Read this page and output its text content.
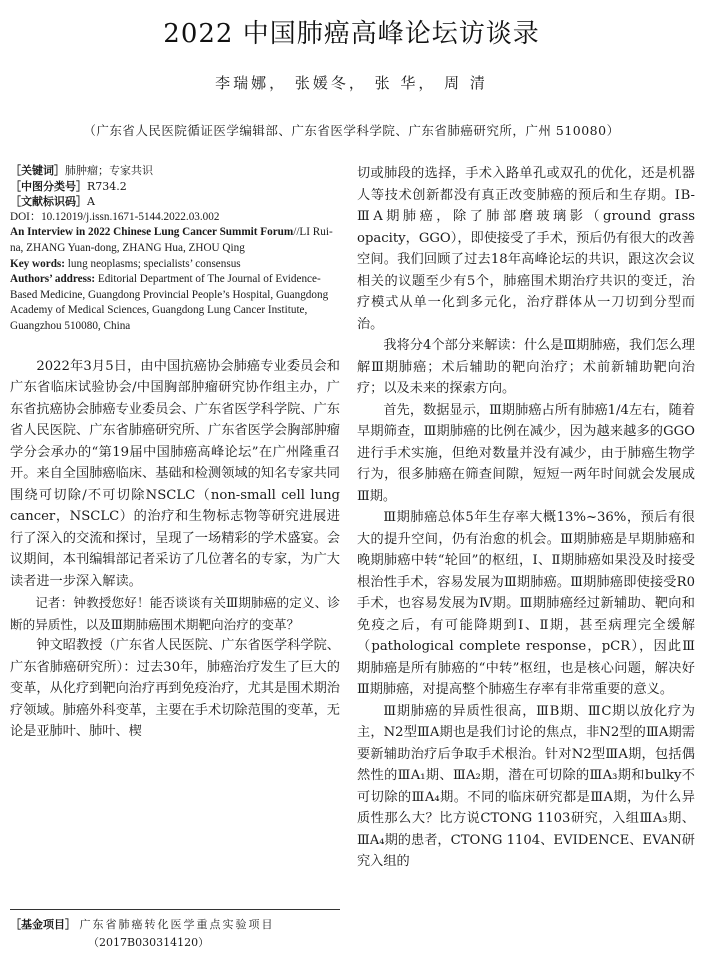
2022 中国肺癌高峰论坛访谈录
李瑞娜， 张媛冬， 张 华， 周 清
（广东省人民医院循证医学编辑部、广东省医学科学院、广东省肺癌研究所，广州 510080）
［关键词］肺肿瘤；专家共识
［中图分类号］R734.2
［文献标识码］A
DOI：10.12019/j.issn.1671-5144.2022.03.002
An Interview in 2022 Chinese Lung Cancer Summit Forum//LI Rui-na, ZHANG Yuan-dong, ZHANG Hua, ZHOU Qing
Key words: lung neoplasms; specialists’ consensus
Authors’ address: Editorial Department of The Journal of Evidence-Based Medicine, Guangdong Provincial People’s Hospital, Guangdong Academy of Medical Sciences, Guangdong Lung Cancer Institute, Guangzhou 510080, China

2022年3月5日，由中国抗癌协会肺癌专业委员会和广东省临床试验协会/中国胸部肿瘤研究协作组主办，广东省抗癌协会肺癌专业委员会、广东省医学科学院、广东省人民医院、广东省肺癌研究所、广东省医学会胸部肿瘤学分会承办的“第19届中国肺癌高峰论坛”在广州隆重召开。来自全国肺癌临床、基础和检测领域的知名专家共同围绕可切除/不可切除NSCLC（non-small cell lung cancer，NSCLC）的治疗和生物标志物等研究进展进行了深入的交流和探讨，呈现了一场精彩的学术盛宴。会议期间，本刊编辑部记者采访了几位著名的专家，为广大读者进一步深入解读。

记者：钟教授您好！能否谈谈有关Ⅲ期肺癌的定义、诊断的异质性，以及Ⅲ期肺癌围术期靶向治疗的变革？

钟文昭教授（广东省人民医院、广东省医学科学院、广东省肺癌研究所）：过去30年，肺癌治疗发生了巨大的变革，从化疗到靶向治疗再到免疫治疗，尤其是围术期治疗领域。肺癌外科变革，主要在手术切除范围的变革，无论是亚肺叶、肺叶、楔

切或肺段的选择，手术入路单孔或双孔的优化，还是机器人等技术创新都没有真正改变肺癌的预后和生存期。ⅠB-ⅢA期肺癌，除了肺部磨玻璃影（ground grass opacity，GGO），即使接受了手术，预后仍有很大的改善空间。我们回顾了过去18年高峰论坛的共识，跟这次会议相关的议题至少有5个，肺癌围术期治疗共识的变迁，治疗模式从单一化到多元化，治疗群体从一刀切到分型而治。

我将分4个部分来解读：什么是Ⅲ期肺癌，我们怎么理解Ⅲ期肺癌；术后辅助的靶向治疗；术前新辅助靶向治疗；以及未来的探索方向。

首先，数据显示，Ⅲ期肺癌占所有肺癌1/4左右，随着早期筛查，Ⅲ期肺癌的比例在减少，因为越来越多的GGO进行手术实施，但绝对数量并没有减少，由于肺癌生物学行为，很多肺癌在筛查间隙，短短一两年时间就会发展成Ⅲ期。

Ⅲ期肺癌总体5年生存率大概13%~36%，预后有很大的提升空间，仍有治愈的机会。Ⅲ期肺癌是早期肺癌和晚期肺癌中转“轮回”的枢纽，Ⅰ、Ⅱ期肺癌如果没及时接受根治性手术，容易发展为Ⅲ期肺癌。Ⅲ期肺癌即使接受R0手术，也容易发展为Ⅳ期。Ⅲ期肺癌经过新辅助、靶向和免疫之后，有可能降期到Ⅰ、Ⅱ期，甚至病理完全缓解（pathological complete response，pCR），因此Ⅲ期肺癌是所有肺癌的“中转”枢纽，也是核心问题，解决好Ⅲ期肺癌，对提高整个肺癌生存率有非常重要的意义。

Ⅲ期肺癌的异质性很高，ⅢB期、ⅢC期以放化疗为主，N2型ⅢA期也是我们讨论的焦点，非N2型的ⅢA期需要新辅助治疗后争取手术根治。针对N2型ⅢA期，包括偶然性的ⅢA₁期、ⅢA₂期，潜在可切除的ⅢA₃期和bulky不可切除的ⅢA₄期。不同的临床研究都是ⅢA期，为什么异质性那么大？比方说CTONG 1103研究，入组ⅢA₃期、ⅢA₄期的患者，CTONG 1104、EVIDENCE、EVAN研究入组的

［基金项目］ 广东省肺癌转化医学重点实验项目
（2017B030314120）
